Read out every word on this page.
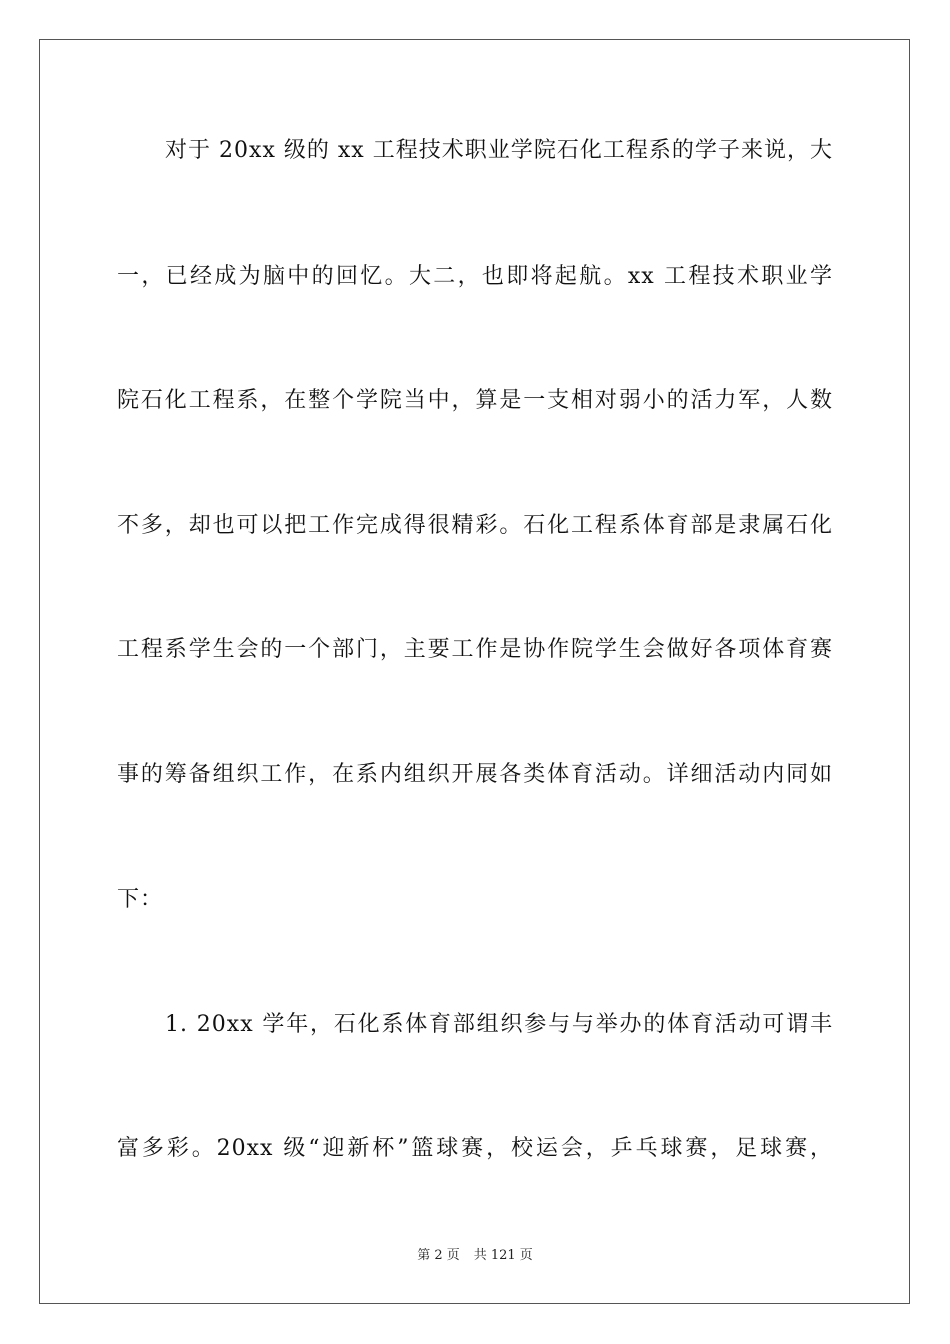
对于 20xx 级的 xx 工程技术职业学院石化工程系的学子来说，大
一，已经成为脑中的回忆。大二，也即将起航。xx 工程技术职业学
院石化工程系，在整个学院当中，算是一支相对弱小的活力军，人数
不多，却也可以把工作完成得很精彩。石化工程系体育部是隶属石化
工程系学生会的一个部门，主要工作是协作院学生会做好各项体育赛
事的筹备组织工作，在系内组织开展各类体育活动。详细活动内同如
下：
1. 20xx 学年，石化系体育部组织参与与举办的体育活动可谓丰
富多彩。20xx 级“迎新杯”篮球赛，校运会，乒乓球赛，足球赛，
第 2 页 共 121 页
